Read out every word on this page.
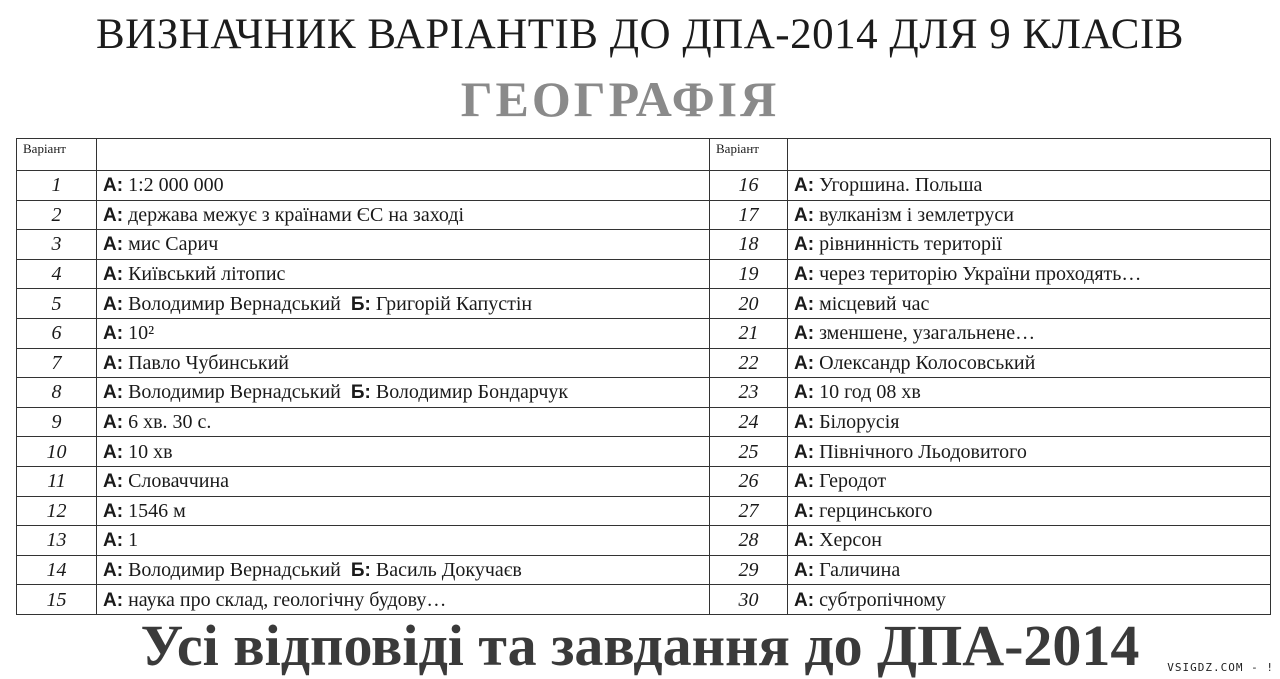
ВИЗНАЧНИК ВАРІАНТІВ ДО ДПА-2014 ДЛЯ 9 КЛАСІВ
ГЕОГРАФІЯ
Варіант		Варіант	
1	А: 1:2 000 000	16	А: Угоршина. Польша
2	А: держава межує з країнами ЄС на заході	17	А: вулканізм і землетруси
3	А: мис Сарич	18	А: рівнинність території
4	А: Київський літопис	19	А: через територію України проходять…
5	А: Володимир Вернадський Б: Григорій Капустін	20	А: місцевий час
6	А: 10²	21	А: зменшене, узагальнене…
7	А: Павло Чубинський	22	А: Олександр Колосовський
8	А: Володимир Вернадський Б: Володимир Бондарчук	23	А: 10 год 08 хв
9	А: 6 хв. 30 с.	24	А: Білорусія
10	А: 10 хв	25	А: Північного Льодовитого
11	А: Словаччина	26	А: Геродот
12	А: 1546 м	27	А: герцинського
13	А: 1	28	А: Херсон
14	А: Володимир Вернадський Б: Василь Докучаєв	29	А: Галичина
15	А: наука про склад, геологічну будову…	30	А: субтропічному
Усі відповіді та завдання до ДПА-2014	VSIGDZ.COM - !
